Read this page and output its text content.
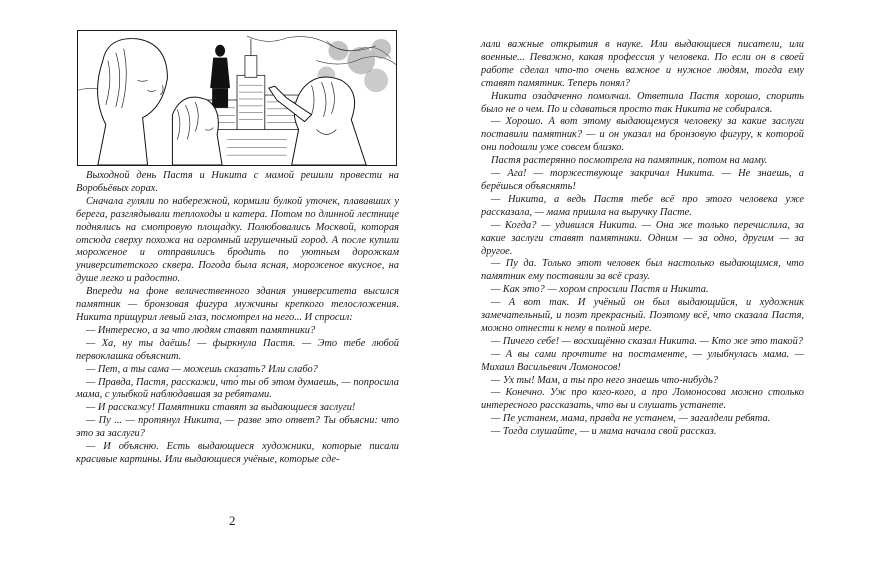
Выходной день Пастя и Никита с мамой решили провести на Воробьёвых горах.

Сначала гуляли по набережной, кормили булкой уточек, плававших у берега, разглядывали теплоходы и катера. Потом по длинной лестнице поднялись на смотровую площадку. Полюбовались Москвой, которая отсюда сверху похожа на огромный игрушечный город. А после купили мороженое и отправились бродить по уютным дорожкам университетского сквера. Погода была ясная, мороженое вкусное, на душе легко и радостно.

Впереди на фоне величественного здания университета высился памятник — бронзовая фигура мужчины крепкого телосложения. Никита прищурил левый глаз, посмотрел на него... И спросил:

— Интересно, а за что людям ставят памятники?

— Ха, ну ты даёшь! — фыркнула Пастя. — Это тебе любой первоклашка объяснит.

— Пет, а ты сама — можешь сказать? Или слабо?

— Правда, Пастя, расскажи, что́ ты об этом думаешь, — попросила мама, с улыбкой наблюдавшая за ребятами.

— И расскажу! Памятники ставят за выдающиеся заслуги!

— Пу ... — протянул Никита, — разве это ответ? Ты объясни: что это за заслуги?

— И объясню. Есть выдающиеся художники, которые писали красивые картины. Или выдающиеся учёные, которые сде-

2

лали важные открытия в науке. Или выдающиеся писатели, или военные... Певажно, какая профессия у человека. По если он в своей работе сделал что-то очень важное и нужное людям, тогда ему ставят памятник. Теперь понял?

Никита озадаченно помолчал. Ответила Пастя хорошо, спорить было не о чем. По и сдаваться просто так Никита не собирался.

— Хорошо. А вот этому выдающемуся человеку за какие заслуги поставили памятник? — и он указал на бронзовую фигуру, к которой они подошли уже совсем близко.

Пастя растерянно посмотрела на памятник, потом на маму.

— Ага! — торжествующе закричал Никита. — Не знаешь, а берёшься объяснять!

— Никита, а ведь Пастя тебе всё про этого человека уже рассказала, — мама пришла на выручку Пасте.

— Когда? — удивился Никита. — Она же только перечислила, за какие заслуги ставят памятники. Одним — за одно, другим — за другое.

— Пу да. Только этот человек был настолько выдающимся, что памятник ему поставили за всё сразу.

— Как это? — хором спросили Пастя и Никита.

— А вот так. И учёный он был выдающийся, и художник замечательный, и поэт прекрасный. Поэтому всё, что сказала Пастя, можно отнести к нему в полной мере.

— Пичего себе! — восхищённо сказал Никита. — Кто же это такой?

— А вы сами прочтите на постаменте, — улыбнулась мама. — Михаил Васильевич Ломоносов!

— Ух ты! Мам, а ты про него знаешь что-нибудь?

— Конечно. Уж про кого-кого, а про Ломоносова можно столько интересного рассказать, что вы и слушать устанете.

— Пе устанем, мама, правда не устанем, — загалдели ребята.

— Тогда слушайте, — и мама начала свой рассказ.
